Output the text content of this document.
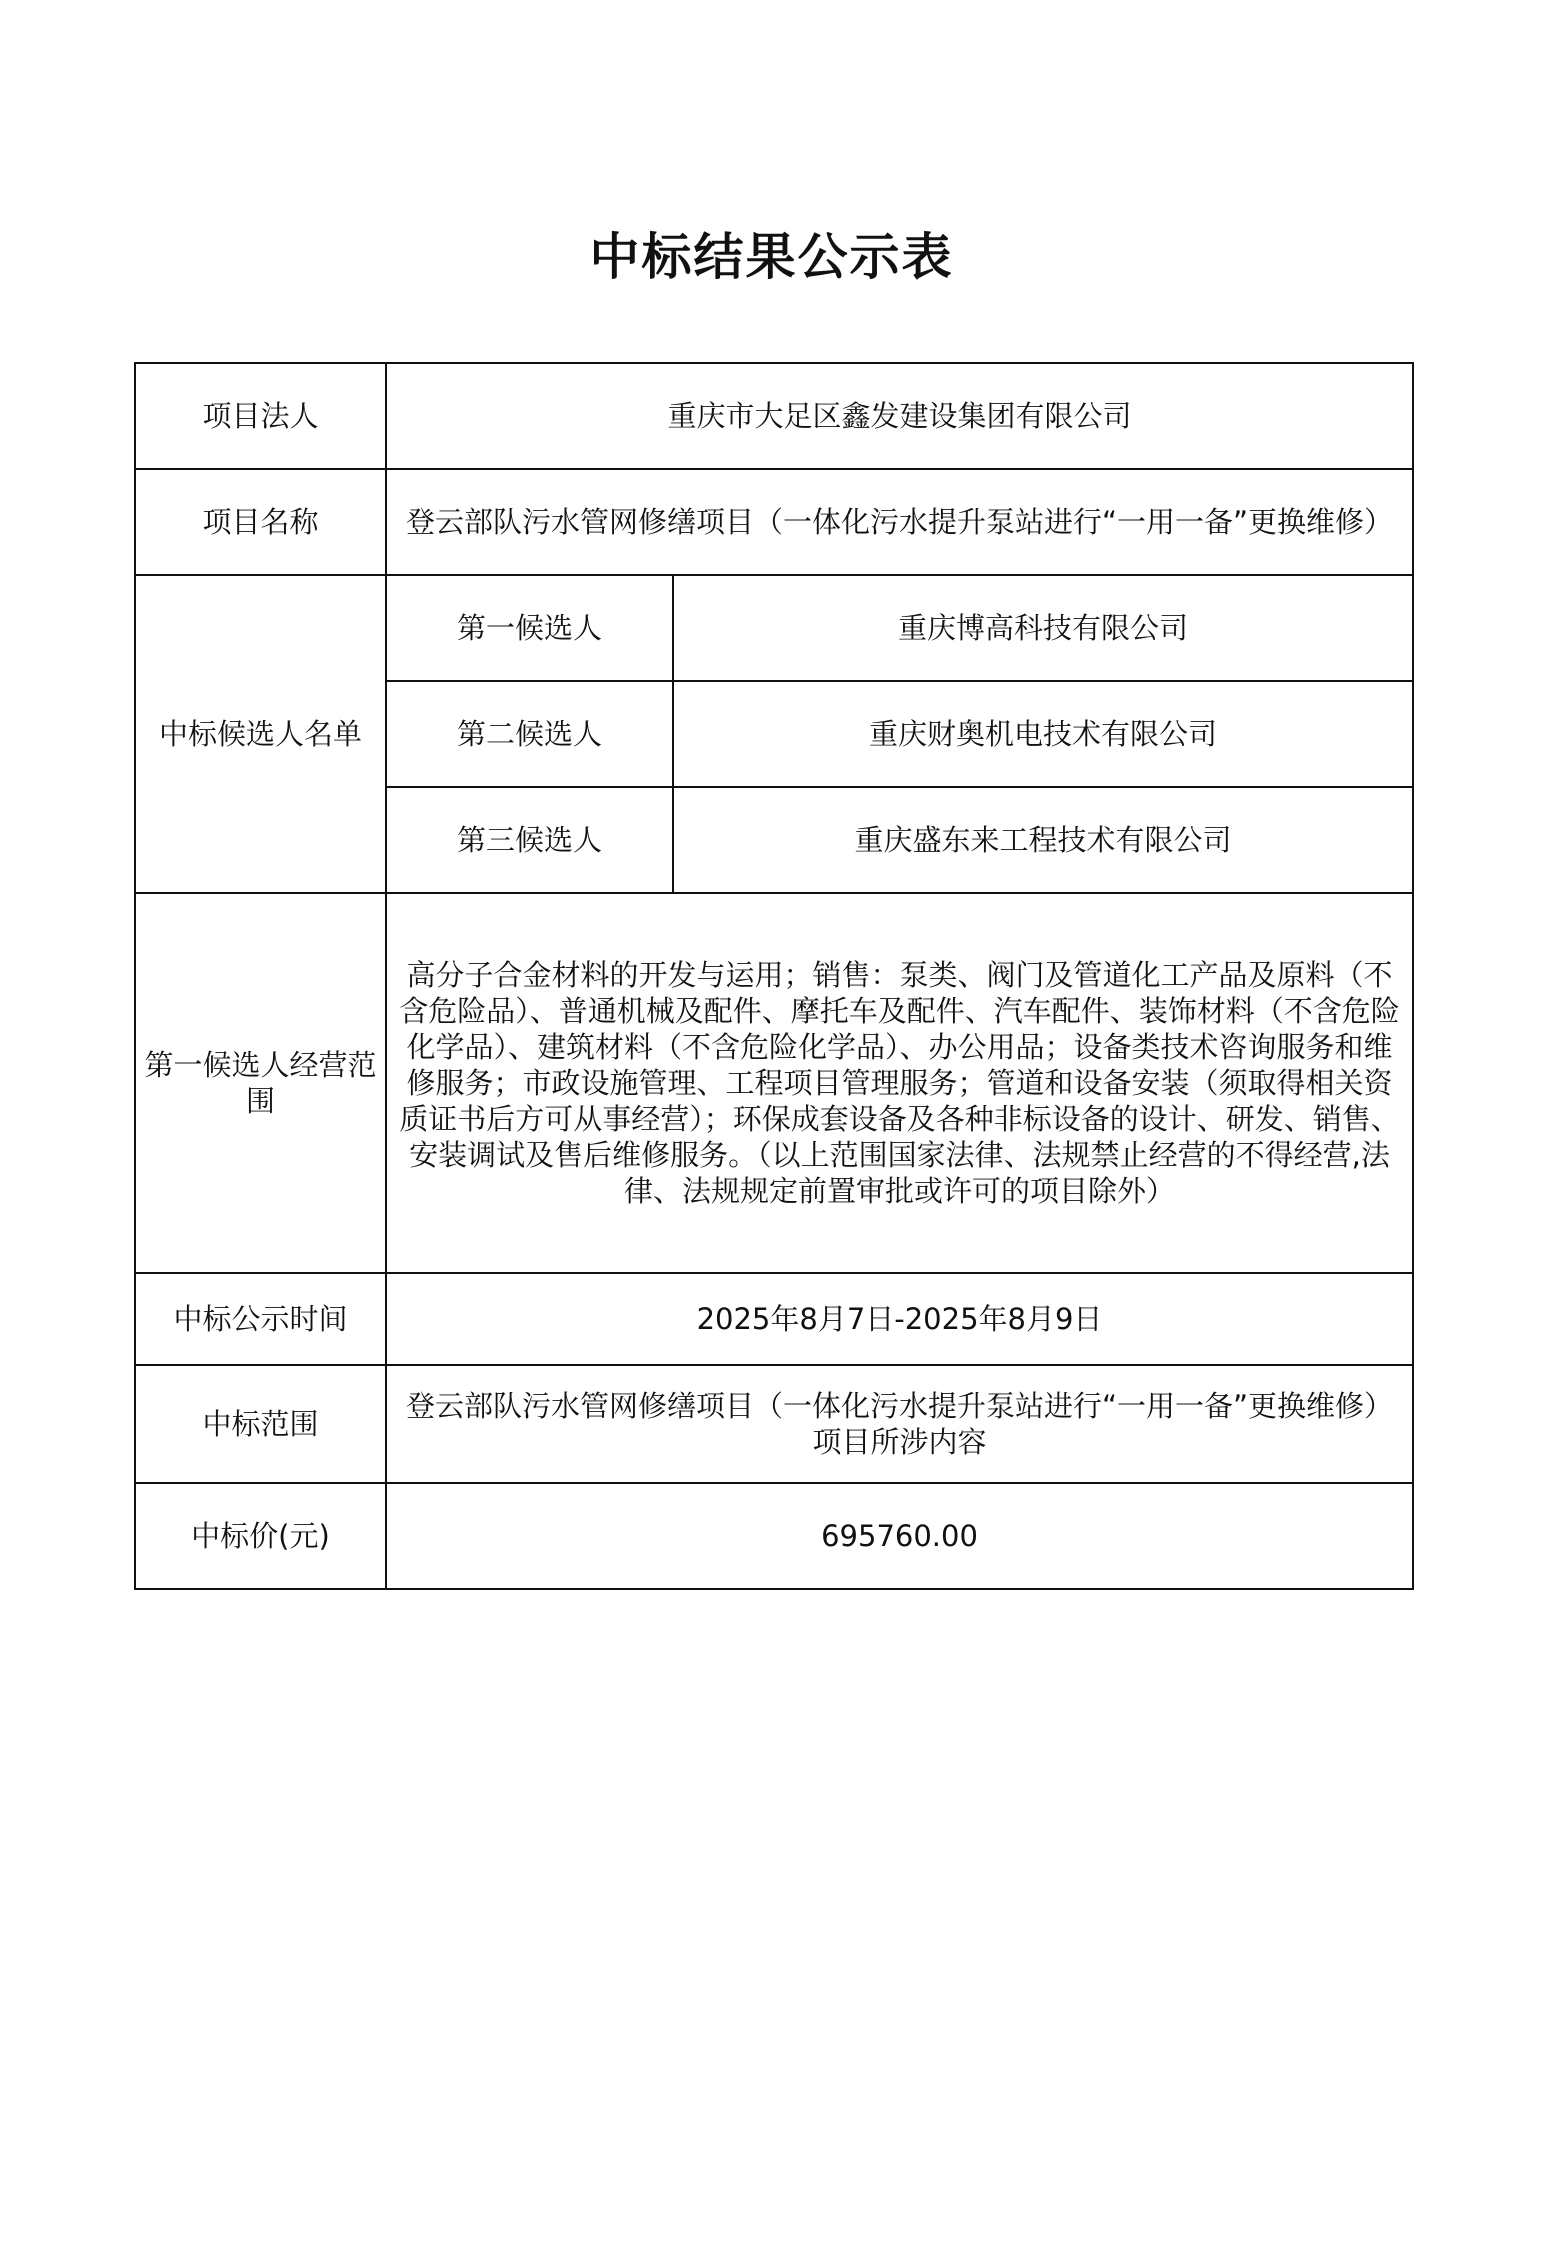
中标结果公示表
项目法人	重庆市大足区鑫发建设集团有限公司	
项目名称	登云部队污水管网修缮项目（一体化污水提升泵站进行“一用一备”更换维修）	
中标候选人名单	第一候选人	重庆博高科技有限公司
	第二候选人	重庆财奥机电技术有限公司
	第三候选人	重庆盛东来工程技术有限公司
第一候选人经营范围	高分子合金材料的开发与运用；销售：泵类、阀门及管道化工产品及原料（不含危险品）、普通机械及配件、摩托车及配件、汽车配件、装饰材料（不含危险化学品）、建筑材料（不含危险化学品）、办公用品；设备类技术咨询服务和维修服务；市政设施管理、工程项目管理服务；管道和设备安装（须取得相关资质证书后方可从事经营）；环保成套设备及各种非标设备的设计、研发、销售、安装调试及售后维修服务。（以上范围国家法律、法规禁止经营的不得经营,法律、法规规定前置审批或许可的项目除外）	
中标公示时间	2025年8月7日-2025年8月9日	
中标范围	登云部队污水管网修缮项目（一体化污水提升泵站进行“一用一备”更换维修）项目所涉内容	
中标价(元)	695760.00	
